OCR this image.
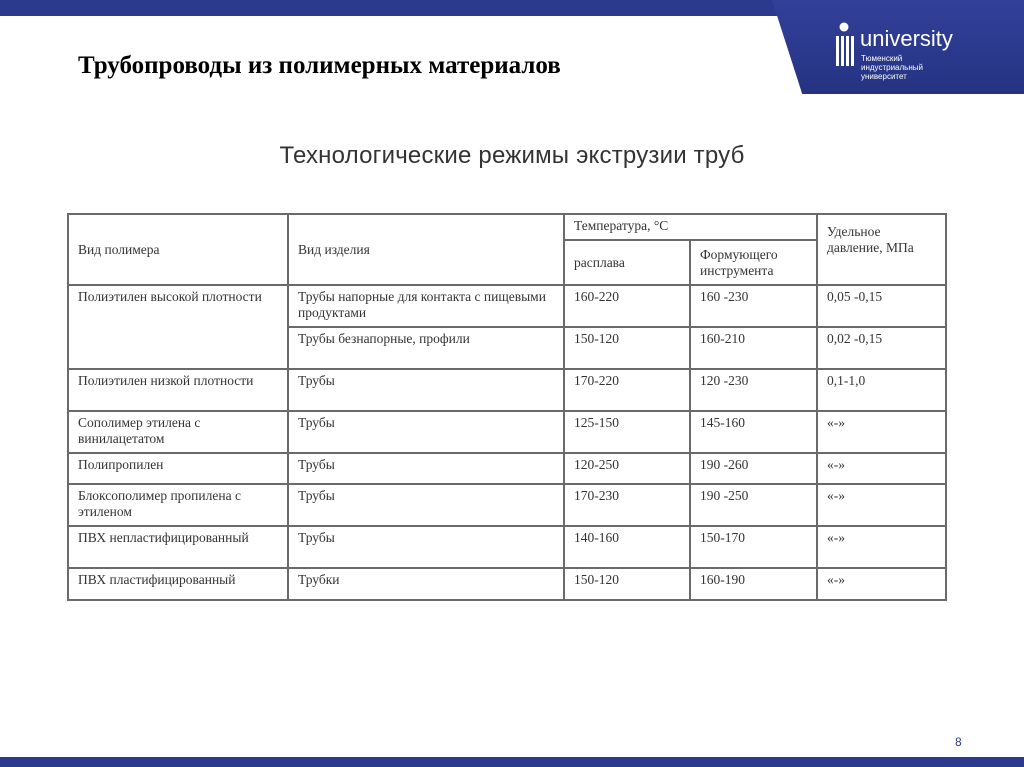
university
Тюменский
индустриальный
университет
Трубопроводы из полимерных материалов
Технологические режимы экструзии труб
Вид полимера	Вид изделия	Температура, °С		Удельное давление, МПа
		расплава	Формующего инструмента	
Полиэтилен высокой плотности	Трубы напорные для контакта с пищевыми продуктами	160-220	160 -230	0,05 -0,15
	Трубы безнапорные, профили	150-120	160-210	0,02 -0,15
Полиэтилен низкой плотности	Трубы	170-220	120 -230	0,1-1,0
Сополимер этилена с винилацетатом	Трубы	125-150	145-160	«-»
Полипропилен	Трубы	120-250	190 -260	«-»
Блоксополимер пропилена с этиленом	Трубы	170-230	190 -250	«-»
ПВХ непластифицированный	Трубы	140-160	150-170	«-»
ПВХ пластифицированный	Трубки	150-120	160-190	«-»
8
